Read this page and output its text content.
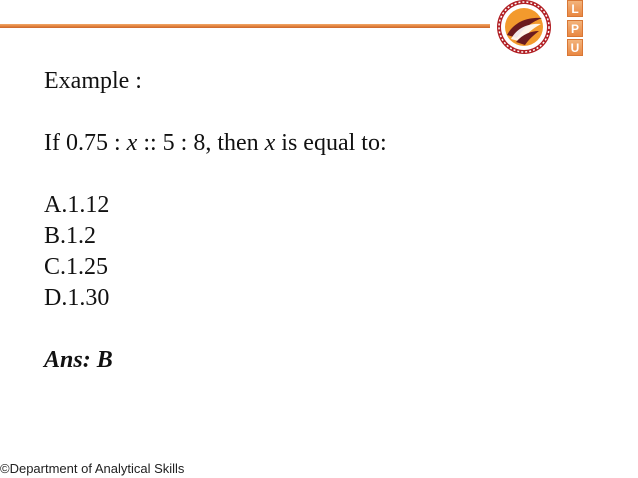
L
P
U
Example :
If 0.75 : x :: 5 : 8, then x is equal to:
A.1.12
B.1.2
C.1.25
D.1.30
Ans: B
©Department of Analytical Skills
